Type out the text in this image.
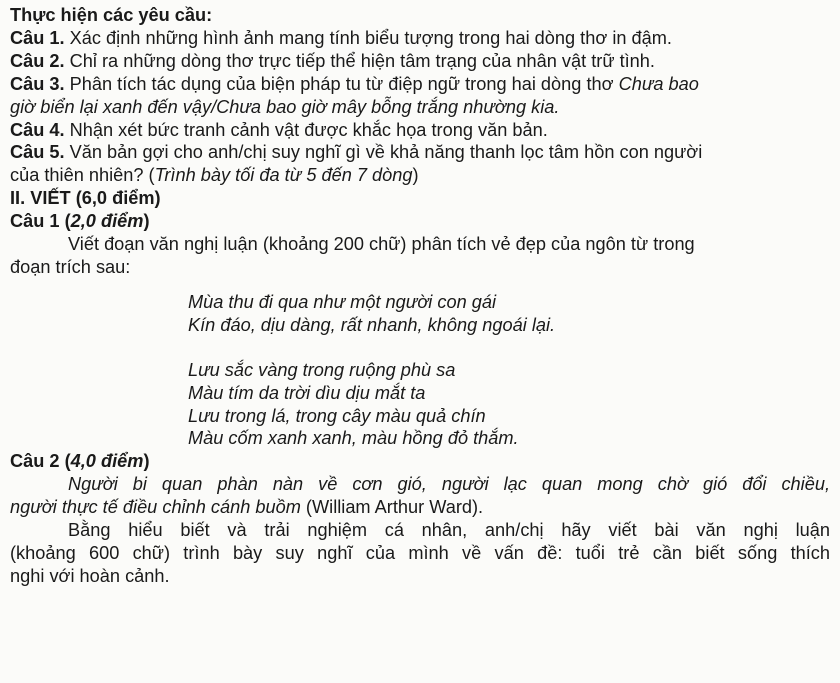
Thực hiện các yêu cầu:
Câu 1. Xác định những hình ảnh mang tính biểu tượng trong hai dòng thơ in đậm.
Câu 2. Chỉ ra những dòng thơ trực tiếp thể hiện tâm trạng của nhân vật trữ tình.
Câu 3. Phân tích tác dụng của biện pháp tu từ điệp ngữ trong hai dòng thơ Chưa bao
giờ biển lại xanh đến vậy/Chưa bao giờ mây bỗng trắng nhường kia.
Câu 4. Nhận xét bức tranh cảnh vật được khắc họa trong văn bản.
Câu 5. Văn bản gợi cho anh/chị suy nghĩ gì về khả năng thanh lọc tâm hồn con người
của thiên nhiên? (Trình bày tối đa từ 5 đến 7 dòng)
II. VIẾT (6,0 điểm)
Câu 1 (2,0 điểm)
Viết đoạn văn nghị luận (khoảng 200 chữ) phân tích vẻ đẹp của ngôn từ trong
đoạn trích sau:
Mùa thu đi qua như một người con gái
Kín đáo, dịu dàng, rất nhanh, không ngoái lại.
Lưu sắc vàng trong ruộng phù sa
Màu tím da trời dìu dịu mắt ta
Lưu trong lá, trong cây màu quả chín
Màu cốm xanh xanh, màu hồng đỏ thắm.
Câu 2 (4,0 điểm)
Người bi quan phàn nàn về cơn gió, người lạc quan mong chờ gió đổi chiều,
người thực tế điều chỉnh cánh buồm (William Arthur Ward).
Bằng hiểu biết và trải nghiệm cá nhân, anh/chị hãy viết bài văn nghị luận
(khoảng 600 chữ) trình bày suy nghĩ của mình về vấn đề: tuổi trẻ cần biết sống thích
nghi với hoàn cảnh.
